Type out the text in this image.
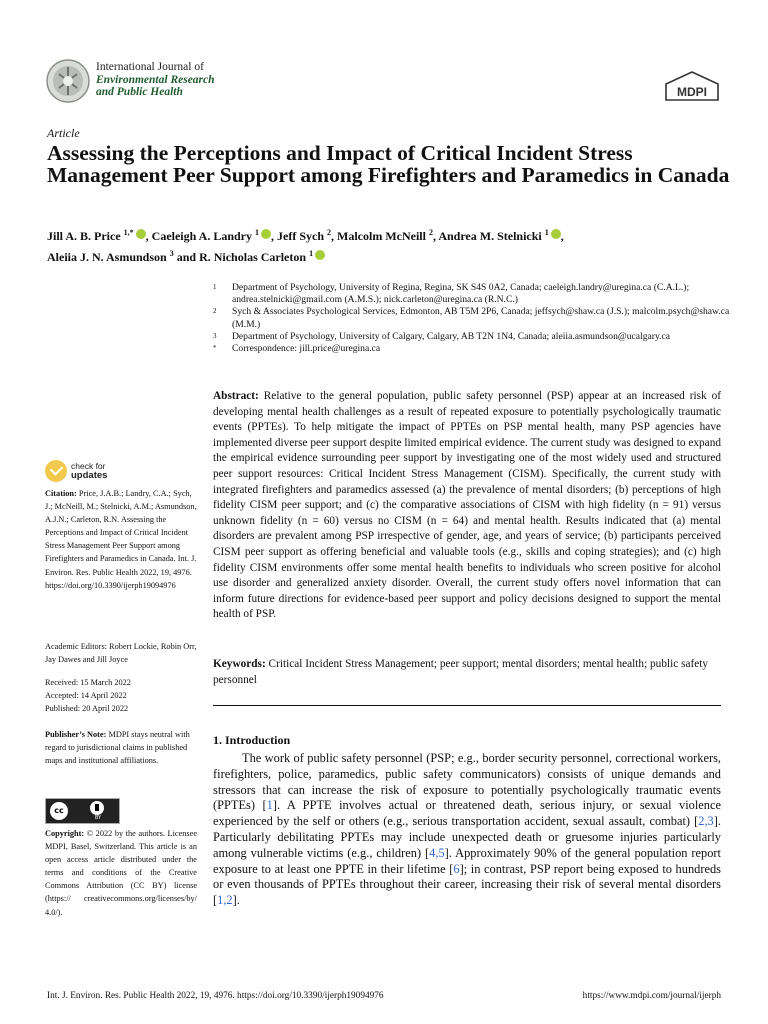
International Journal of
Environmental Research
and Public Health	MDPI
Article
Assessing the Perceptions and Impact of Critical Incident Stress Management Peer Support among Firefighters and Paramedics in Canada
Jill A. B. Price $^{1,*}$ , Caeleigh A. Landry $^1$ , Jeff Sych $^2$, Malcolm McNeill $^2$, Andrea M. Stelnicki $^1$ ,
Aleiia J. N. Asmundson $^3$ and R. Nicholas Carleton $^1$
1 Department of Psychology, University of Regina, Regina, SK S4S 0A2, Canada; caeleigh.landry@uregina.ca (C.A.L.); andrea.stelnicki@gmail.com (A.M.S.); nick.carleton@uregina.ca (R.N.C.)
2 Sych & Associates Psychological Services, Edmonton, AB T5M 2P6, Canada; jeffsych@shaw.ca (J.S.); malcolm.psych@shaw.ca (M.M.)
3 Department of Psychology, University of Calgary, Calgary, AB T2N 1N4, Canada; aleiia.asmundson@ucalgary.ca
* Correspondence: jill.price@uregina.ca
Abstract: Relative to the general population, public safety personnel (PSP) appear at an increased risk of developing mental health challenges as a result of repeated exposure to potentially psychologically traumatic events (PPTEs). To help mitigate the impact of PPTEs on PSP mental health, many PSP agencies have implemented diverse peer support despite limited empirical evidence. The current study was designed to expand the empirical evidence surrounding peer support by investigating one of the most widely used and structured peer support resources: Critical Incident Stress Management (CISM). Specifically, the current study with integrated firefighters and paramedics assessed (a) the prevalence of mental disorders; (b) perceptions of high fidelity CISM peer support; and (c) the comparative associations of CISM with high fidelity (n = 91) versus unknown fidelity (n = 60) versus no CISM (n = 64) and mental health. Results indicated that (a) mental disorders are prevalent among PSP irrespective of gender, age, and years of service; (b) participants perceived CISM peer support as offering beneficial and valuable tools (e.g., skills and coping strategies); and (c) high fidelity CISM environments offer some mental health benefits to individuals who screen positive for alcohol use disorder and generalized anxiety disorder. Overall, the current study offers novel information that can inform future directions for evidence-based peer support and policy decisions designed to support the mental health of PSP.
Keywords: Critical Incident Stress Management; peer support; mental disorders; mental health; public safety personnel
1. Introduction
The work of public safety personnel (PSP; e.g., border security personnel, correctional workers, firefighters, police, paramedics, public safety communicators) consists of unique demands and stressors that can increase the risk of exposure to potentially psychologically traumatic events (PPTEs) [1]. A PPTE involves actual or threatened death, serious injury, or sexual violence experienced by the self or others (e.g., serious transportation accident, sexual assault, combat) [2,3]. Particularly debilitating PPTEs may include unexpected death or gruesome injuries particularly among vulnerable victims (e.g., children) [4,5]. Approximately 90% of the general population report exposure to at least one PPTE in their lifetime [6]; in contrast, PSP report being exposed to hundreds or even thousands of PPTEs throughout their career, increasing their risk of several mental disorders [1,2].
check for
updates
Citation: Price, J.A.B.; Landry, C.A.; Sych, J.; McNeill, M.; Stelnicki, A.M.; Asmundson, A.J.N.; Carleton, R.N. Assessing the Perceptions and Impact of Critical Incident Stress Management Peer Support among Firefighters and Paramedics in Canada. Int. J. Environ. Res. Public Health 2022, 19, 4976. https://doi.org/10.3390/ijerph19094976
Academic Editors: Robert Lockie, Robin Orr, Jay Dawes and Jill Joyce
Received: 15 March 2022
Accepted: 14 April 2022
Published: 20 April 2022
Publisher’s Note: MDPI stays neutral with regard to jurisdictional claims in published maps and institutional affiliations.
cc
BY
Copyright: © 2022 by the authors. Licensee MDPI, Basel, Switzerland. This article is an open access article distributed under the terms and conditions of the Creative Commons Attribution (CC BY) license (https:// creativecommons.org/licenses/by/ 4.0/).
Int. J. Environ. Res. Public Health 2022, 19, 4976. https://doi.org/10.3390/ijerph19094976	https://www.mdpi.com/journal/ijerph
